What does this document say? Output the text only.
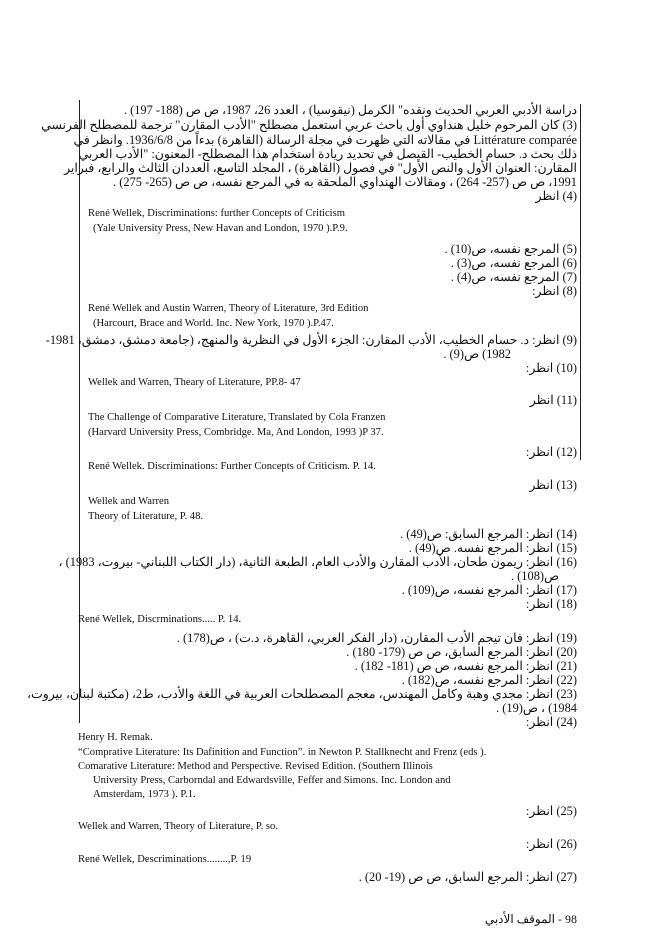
دراسة الأدبي العربي الحديث ونقده" الكرمل (نيقوسيا) ، العدد 26، 1987، ص ص (188- 197) .
(3) كان المرحوم خليل هنداوي أول باحث عربي استعمل مصطلح "الأدب المقارن" ترجمة للمصطلح الفرنسي
Littérature comparée في مقالاته التي ظهرت في مجلة الرسالة (القاهرة) بدءاً من 1936/6/8. وانظر في
ذلك بحث د. حسام الخطيب- القيصل في تحديد ريادة استخدام هذا المصطلح- المعنون: "الأدب العربي
المقارن: العنوان الأول والنص الأول" في فصول (القاهرة) ، المجلد التاسع، العددان الثالث والرابع، فبراير
1991، ص ص (257- 264) ، ومقالات الهنداوي الملحقة به في المرجع نفسه، ص ص (265- 275) .
(4) انظر
René Wellek, Discriminations: further Concepts of Criticism
(Yale University Press, New Havan and London, 1970 ).P.9.
(5) المرجع نفسه، ص(10) .
(6) المرجع نفسه، ص(3) .
(7) المرجع نفسه، ص(4) .
(8) انظر:
René Wellek and Austin Warren, Theory of Literature, 3rd Edition
(Harcourt, Brace and World. Inc. New York, 1970 ).P.47.
(9) انظر: د. حسام الخطيب، الأدب المقارن: الجزء الأول في النظرية والمنهج، (جامعة دمشق، دمشق، 1981-
1982) ص(9) .
(10) انظر:
Wellek and Warren, Theary of Literature, PP.8- 47
(11) انظر
The Challenge of Comparative Literature, Translated by Cola Franzen
(Harvard University Press, Combridge. Ma, And London, 1993 )P 37.
(12) انظر:
René Wellek. Discriminations: Further Concepts of Criticism. P. 14.
(13) انظر
Wellek and Warren
Theory of Literature, P. 48.
(14) انظر: المرجع السابق: ص(49) .
(15) انظر: المرجع نفسه. ص(49) .
(16) انظر: ريمون طحان، الأدب المقارن والأدب العام، الطبعة الثانية، (دار الكتاب اللبناني- بيروت، 1983) ،
ص(108) .
(17) انظر: المرجع نفسه، ص(109) .
(18) انظر:
René Wellek, Discrminations..... P. 14.
(19) انظر: فان تيجم الأدب المقارن، (دار الفكر العربي، القاهرة، د.ت) ، ص(178) .
(20) انظر: المرجع السابق، ص ص (179- 180) .
(21) انظر: المرجع نفسه، ص ص (181- 182) .
(22) انظر: المرجع نفسه، ص(182) .
(23) انظر: مجدي وهبة وكامل المهندس، معجم المصطلحات العربية في اللغة والأدب، ط2، (مكتبة لبنان، بيروت،
1984) ، ص(19) .
(24) انظر:
Henry H. Remak.
“Comprative Literature: Its Dafinition and Function”. in Newton P. Stallknecht and Frenz (eds ).
Comarative Literature: Method and Perspective. Revised Edition. (Southern Illinois
University Press, Carborndal and Edwardsville, Feffer and Simons. Inc. London and
Amsterdam, 1973 ). P.1.
(25) انظر:
Wellek and Warren, Theory of Literature, P. so.
(26) انظر:
René Wellek, Descriminations........,P. 19
(27) انظر: المرجع السابق، ص ص (19- 20) .
98 - الموقف الأدبي
